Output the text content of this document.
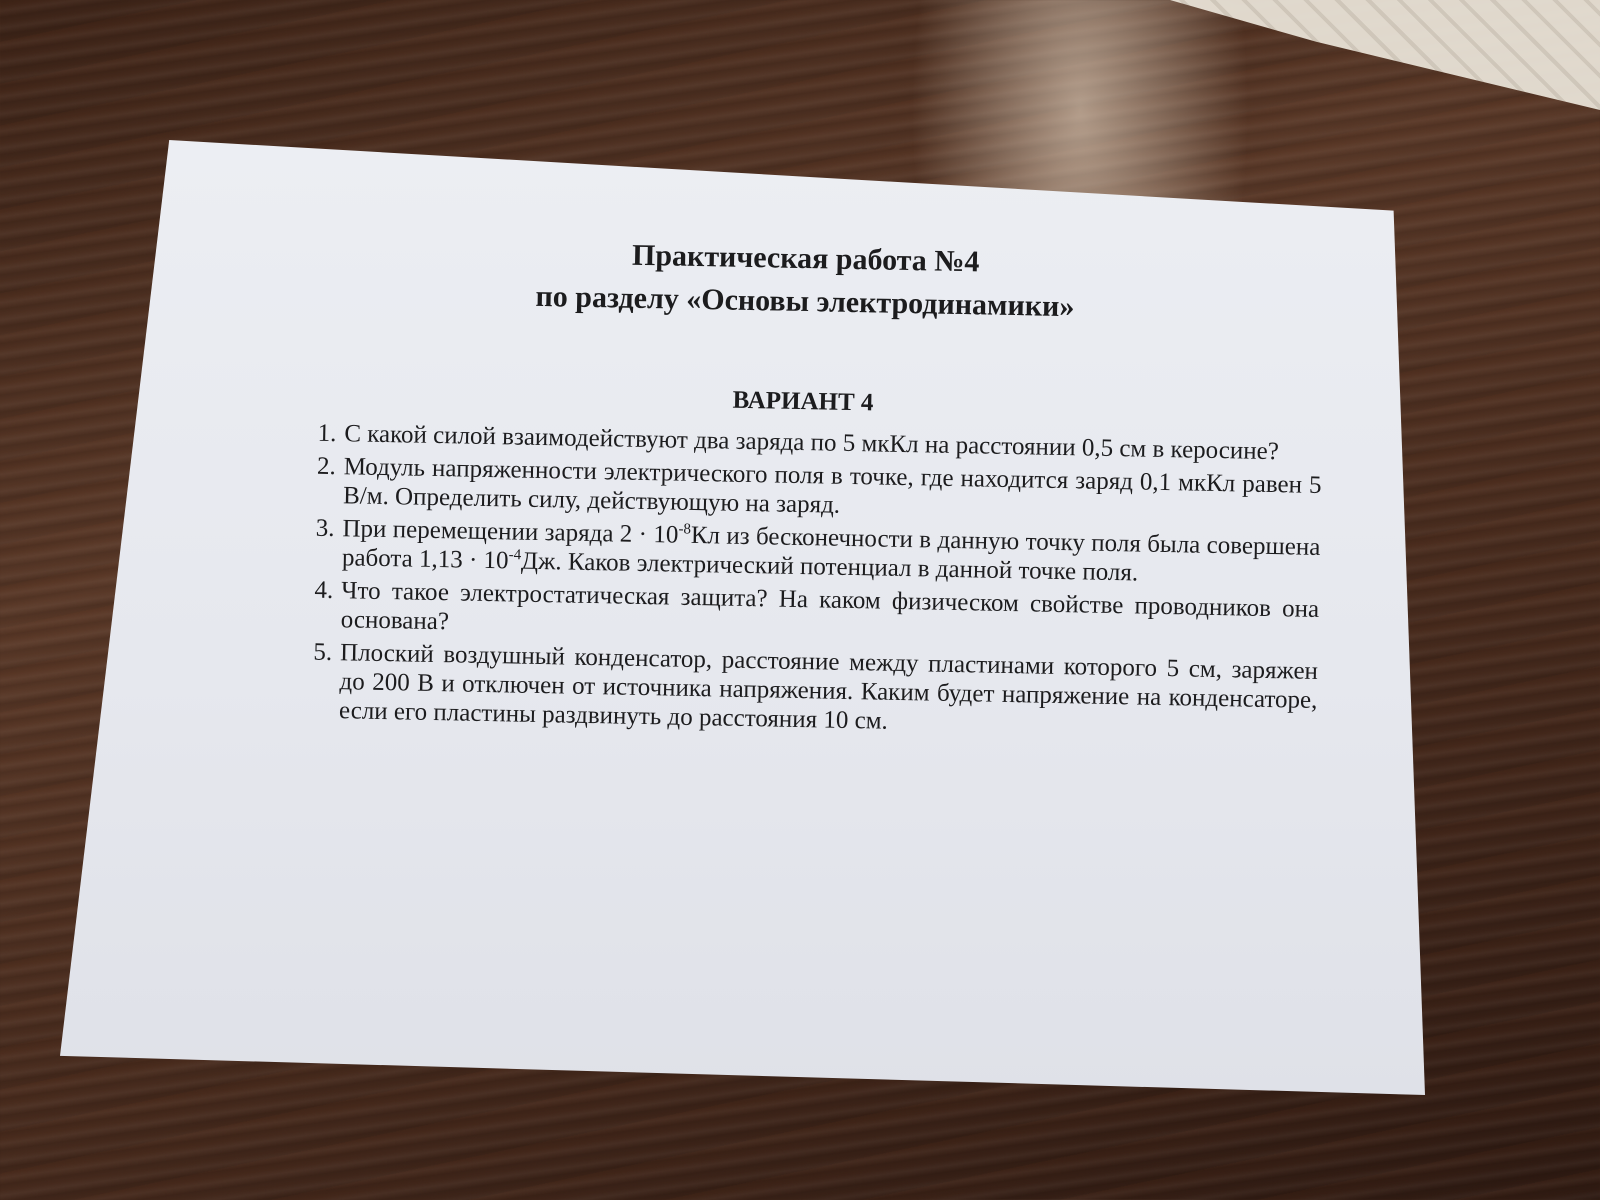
Практическая работа №4
по разделу «Основы электродинамики»
ВАРИАНТ 4
1. С какой силой взаимодействуют два заряда по 5 мкКл на расстоянии 0,5 см в керосине?
2. Модуль напряженности электрического поля в точке, где находится заряд 0,1 мкКл равен 5 В/м. Определить силу, действующую на заряд.
3. При перемещении заряда $2 \cdot 10^{-8}Кл$ из бесконечности в данную точку поля была совершена работа $1,13 \cdot 10^{-4}Дж$. Каков электрический потенциал в данной точке поля.
4. Что такое электростатическая защита? На каком физическом свойстве проводников она основана?
5. Плоский воздушный конденсатор, расстояние между пластинами которого 5 см, заряжен до 200 В и отключен от источника напряжения. Каким будет напряжение на конденсаторе, если его пластины раздвинуть до расстояния 10 см.
